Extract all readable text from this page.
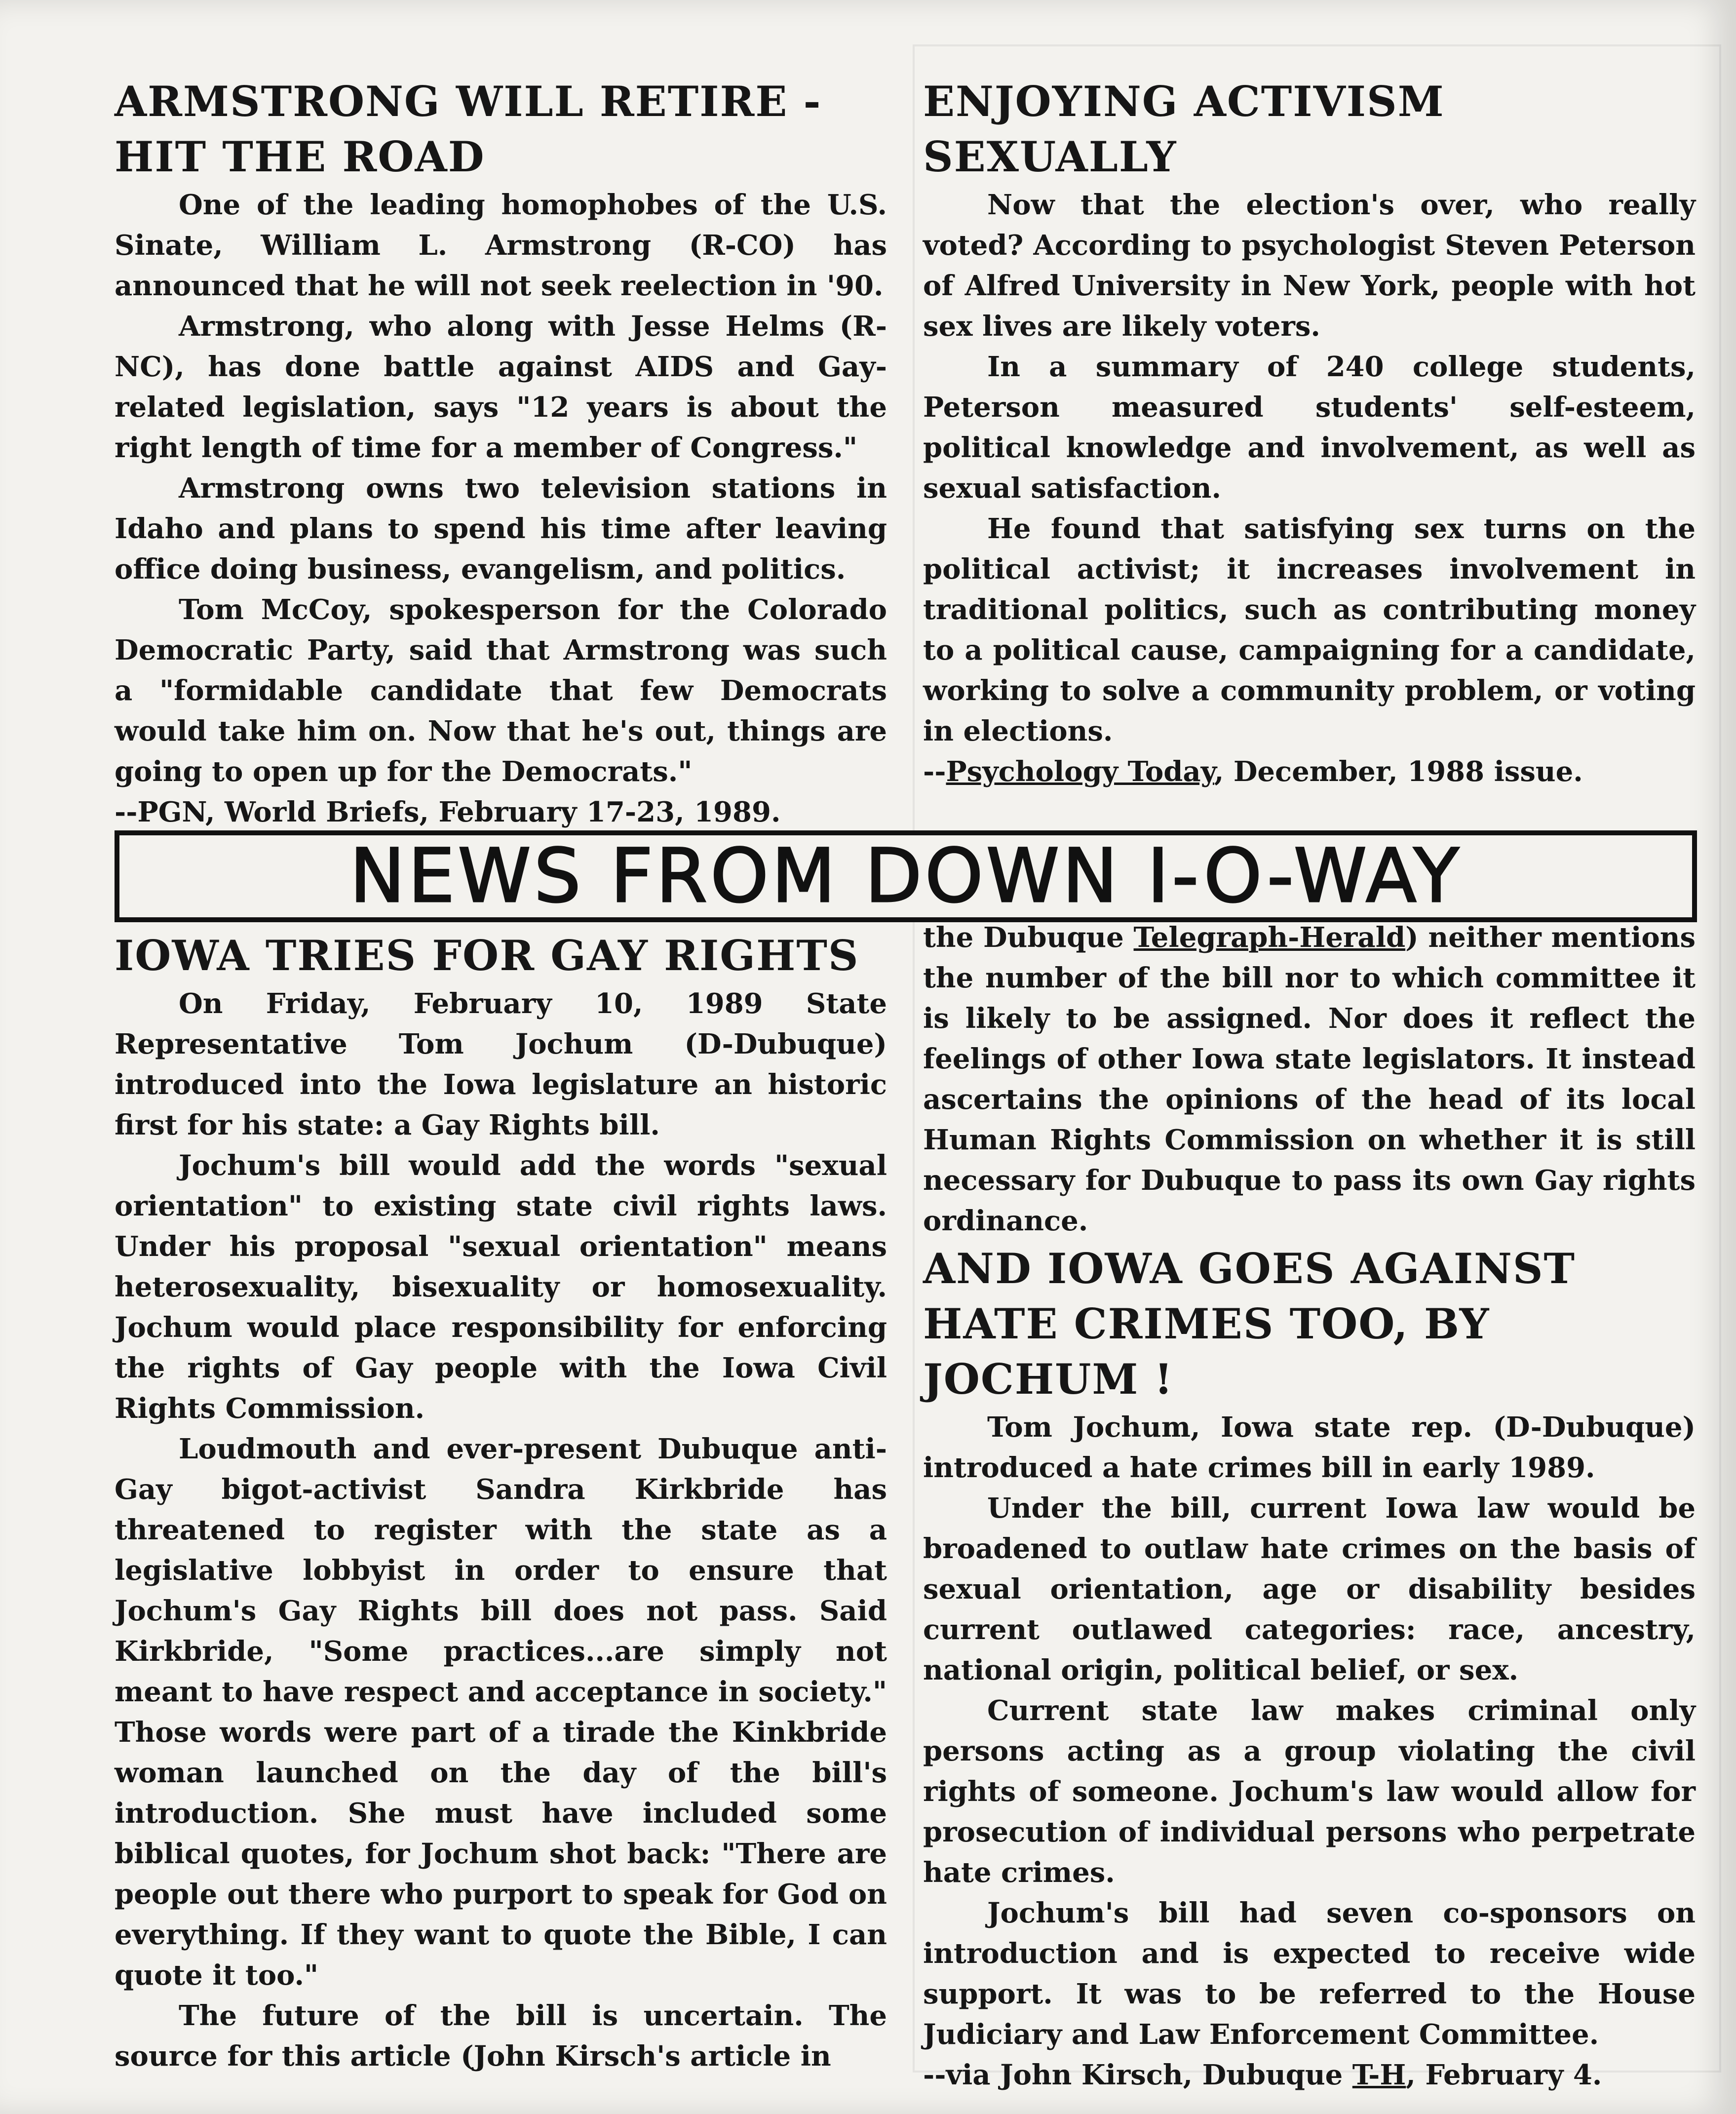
ARMSTRONG WILL RETIRE -
HIT THE ROAD

One of the leading homophobes of the U.S. Sinate, William L. Armstrong (R-CO) has announced that he will not seek reelection in '90.

Armstrong, who along with Jesse Helms (R-NC), has done battle against AIDS and Gay-related legislation, says "12 years is about the right length of time for a member of Congress."

Armstrong owns two television stations in Idaho and plans to spend his time after leaving office doing business, evangelism, and politics.

Tom McCoy, spokesperson for the Colorado Democratic Party, said that Armstrong was such a "formidable candidate that few Democrats would take him on. Now that he's out, things are going to open up for the Democrats."

--PGN, World Briefs, February 17-23, 1989.

ENJOYING ACTIVISM SEXUALLY

Now that the election's over, who really voted? According to psychologist Steven Peterson of Alfred University in New York, people with hot sex lives are likely voters.

In a summary of 240 college students, Peterson measured students' self-esteem, political knowledge and involvement, as well as sexual satisfaction.

He found that satisfying sex turns on the political activist; it increases involvement in traditional politics, such as contributing money to a political cause, campaigning for a candidate, working to solve a community problem, or voting in elections.

--Psychology Today, December, 1988 issue.

NEWS FROM DOWN I-O-WAY
IOWA TRIES FOR GAY RIGHTS

On Friday, February 10, 1989 State Representative Tom Jochum (D-Dubuque) introduced into the Iowa legislature an historic first for his state: a Gay Rights bill.

Jochum's bill would add the words "sexual orientation" to existing state civil rights laws. Under his proposal "sexual orientation" means heterosexuality, bisexuality or homosexuality. Jochum would place responsibility for enforcing the rights of Gay people with the Iowa Civil Rights Commission.

Loudmouth and ever-present Dubuque anti-Gay bigot-activist Sandra Kirkbride has threatened to register with the state as a legislative lobbyist in order to ensure that Jochum's Gay Rights bill does not pass. Said Kirkbride, "Some practices...are simply not meant to have respect and acceptance in society." Those words were part of a tirade the Kinkbride woman launched on the day of the bill's introduction. She must have included some biblical quotes, for Jochum shot back: "There are people out there who purport to speak for God on everything. If they want to quote the Bible, I can quote it too."

The future of the bill is uncertain. The source for this article (John Kirsch's article in

the Dubuque Telegraph-Herald) neither mentions the number of the bill nor to which committee it is likely to be assigned. Nor does it reflect the feelings of other Iowa state legislators. It instead ascertains the opinions of the head of its local Human Rights Commission on whether it is still necessary for Dubuque to pass its own Gay rights ordinance.

AND IOWA GOES AGAINST
HATE CRIMES TOO, BY JOCHUM !

Tom Jochum, Iowa state rep. (D-Dubuque) introduced a hate crimes bill in early 1989.

Under the bill, current Iowa law would be broadened to outlaw hate crimes on the basis of sexual orientation, age or disability besides current outlawed categories: race, ancestry, national origin, political belief, or sex.

Current state law makes criminal only persons acting as a group violating the civil rights of someone. Jochum's law would allow for prosecution of individual persons who perpetrate hate crimes.

Jochum's bill had seven co-sponsors on introduction and is expected to receive wide support. It was to be referred to the House Judiciary and Law Enforcement Committee.

--via John Kirsch, Dubuque T-H, February 4.
